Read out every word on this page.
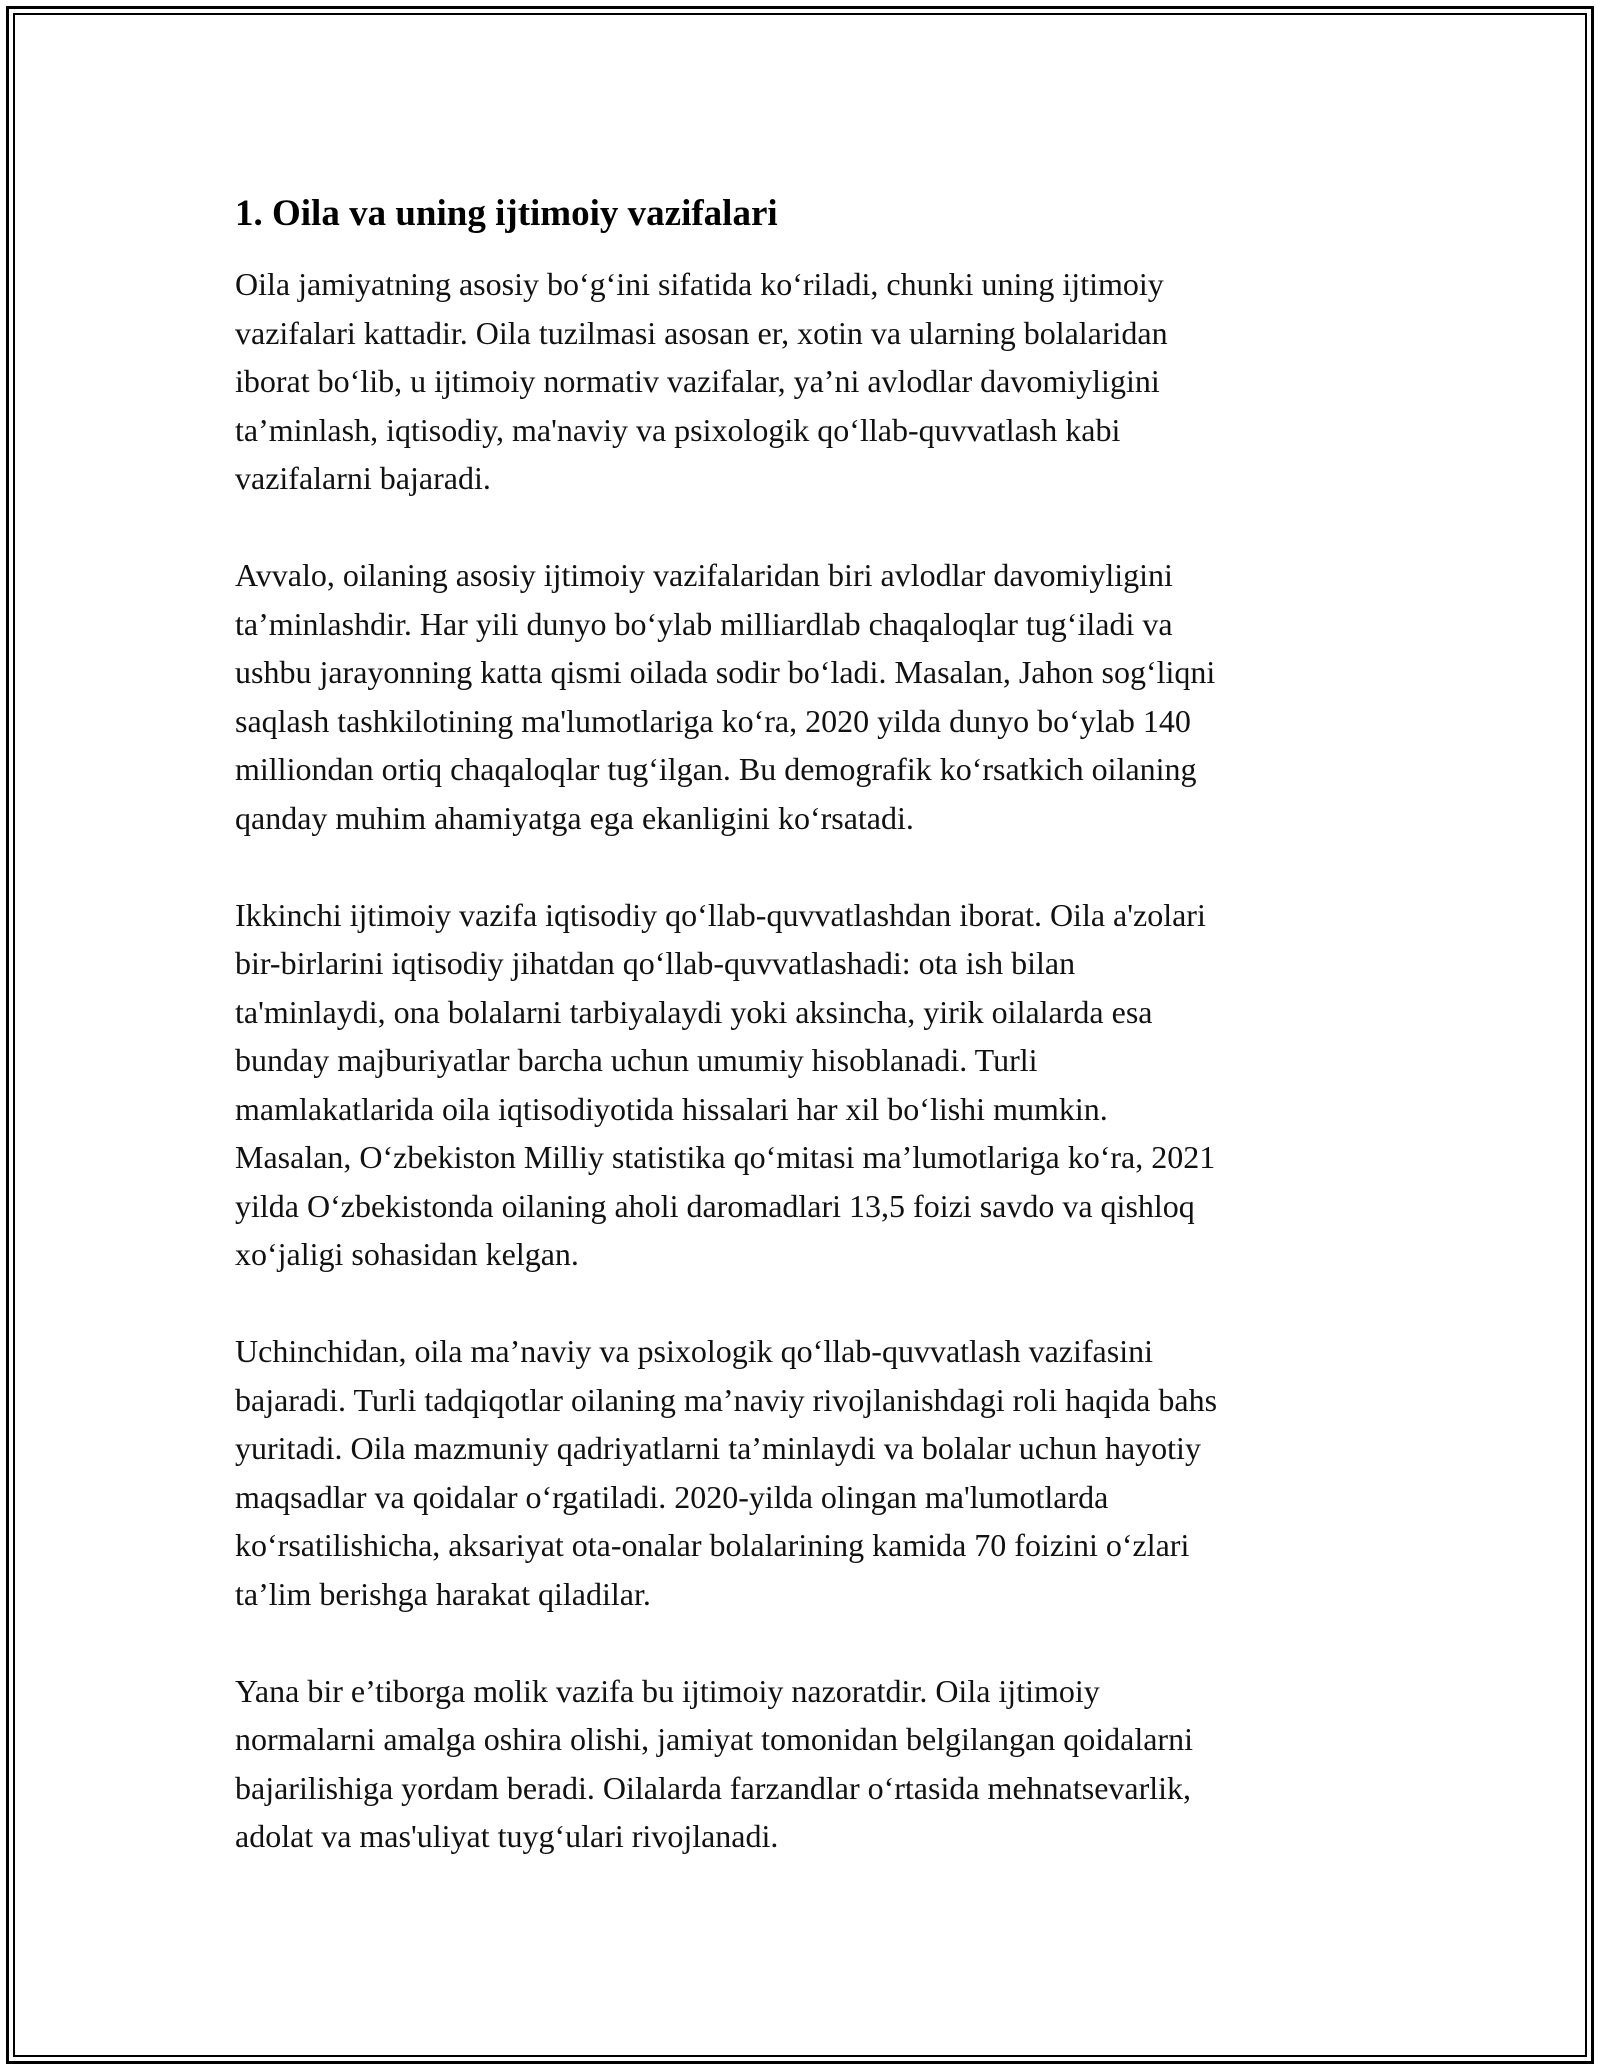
1. Oila va uning ijtimoiy vazifalari

Oila jamiyatning asosiy bo‘g‘ini sifatida ko‘riladi, chunki uning ijtimoiy
vazifalari kattadir. Oila tuzilmasi asosan er, xotin va ularning bolalaridan
iborat bo‘lib, u ijtimoiy normativ vazifalar, ya’ni avlodlar davomiyligini
ta’minlash, iqtisodiy, ma'naviy va psixologik qo‘llab-quvvatlash kabi
vazifalarni bajaradi.

Avvalo, oilaning asosiy ijtimoiy vazifalaridan biri avlodlar davomiyligini
ta’minlashdir. Har yili dunyo bo‘ylab milliardlab chaqaloqlar tug‘iladi va
ushbu jarayonning katta qismi oilada sodir bo‘ladi. Masalan, Jahon sog‘liqni
saqlash tashkilotining ma'lumotlariga ko‘ra, 2020 yilda dunyo bo‘ylab 140
milliondan ortiq chaqaloqlar tug‘ilgan. Bu demografik ko‘rsatkich oilaning
qanday muhim ahamiyatga ega ekanligini ko‘rsatadi.

Ikkinchi ijtimoiy vazifa iqtisodiy qo‘llab-quvvatlashdan iborat. Oila a'zolari
bir-birlarini iqtisodiy jihatdan qo‘llab-quvvatlashadi: ota ish bilan
ta'minlaydi, ona bolalarni tarbiyalaydi yoki aksincha, yirik oilalarda esa
bunday majburiyatlar barcha uchun umumiy hisoblanadi. Turli
mamlakatlarida oila iqtisodiyotida hissalari har xil bo‘lishi mumkin.
Masalan, O‘zbekiston Milliy statistika qo‘mitasi ma’lumotlariga ko‘ra, 2021
yilda O‘zbekistonda oilaning aholi daromadlari 13,5 foizi savdo va qishloq
xo‘jaligi sohasidan kelgan.

Uchinchidan, oila ma’naviy va psixologik qo‘llab-quvvatlash vazifasini
bajaradi. Turli tadqiqotlar oilaning ma’naviy rivojlanishdagi roli haqida bahs
yuritadi. Oila mazmuniy qadriyatlarni ta’minlaydi va bolalar uchun hayotiy
maqsadlar va qoidalar o‘rgatiladi. 2020-yilda olingan ma'lumotlarda
ko‘rsatilishicha, aksariyat ota-onalar bolalarining kamida 70 foizini o‘zlari
ta’lim berishga harakat qiladilar.

Yana bir e’tiborga molik vazifa bu ijtimoiy nazoratdir. Oila ijtimoiy
normalarni amalga oshira olishi, jamiyat tomonidan belgilangan qoidalarni
bajarilishiga yordam beradi. Oilalarda farzandlar o‘rtasida mehnatsevarlik,
adolat va mas'uliyat tuyg‘ulari rivojlanadi.
